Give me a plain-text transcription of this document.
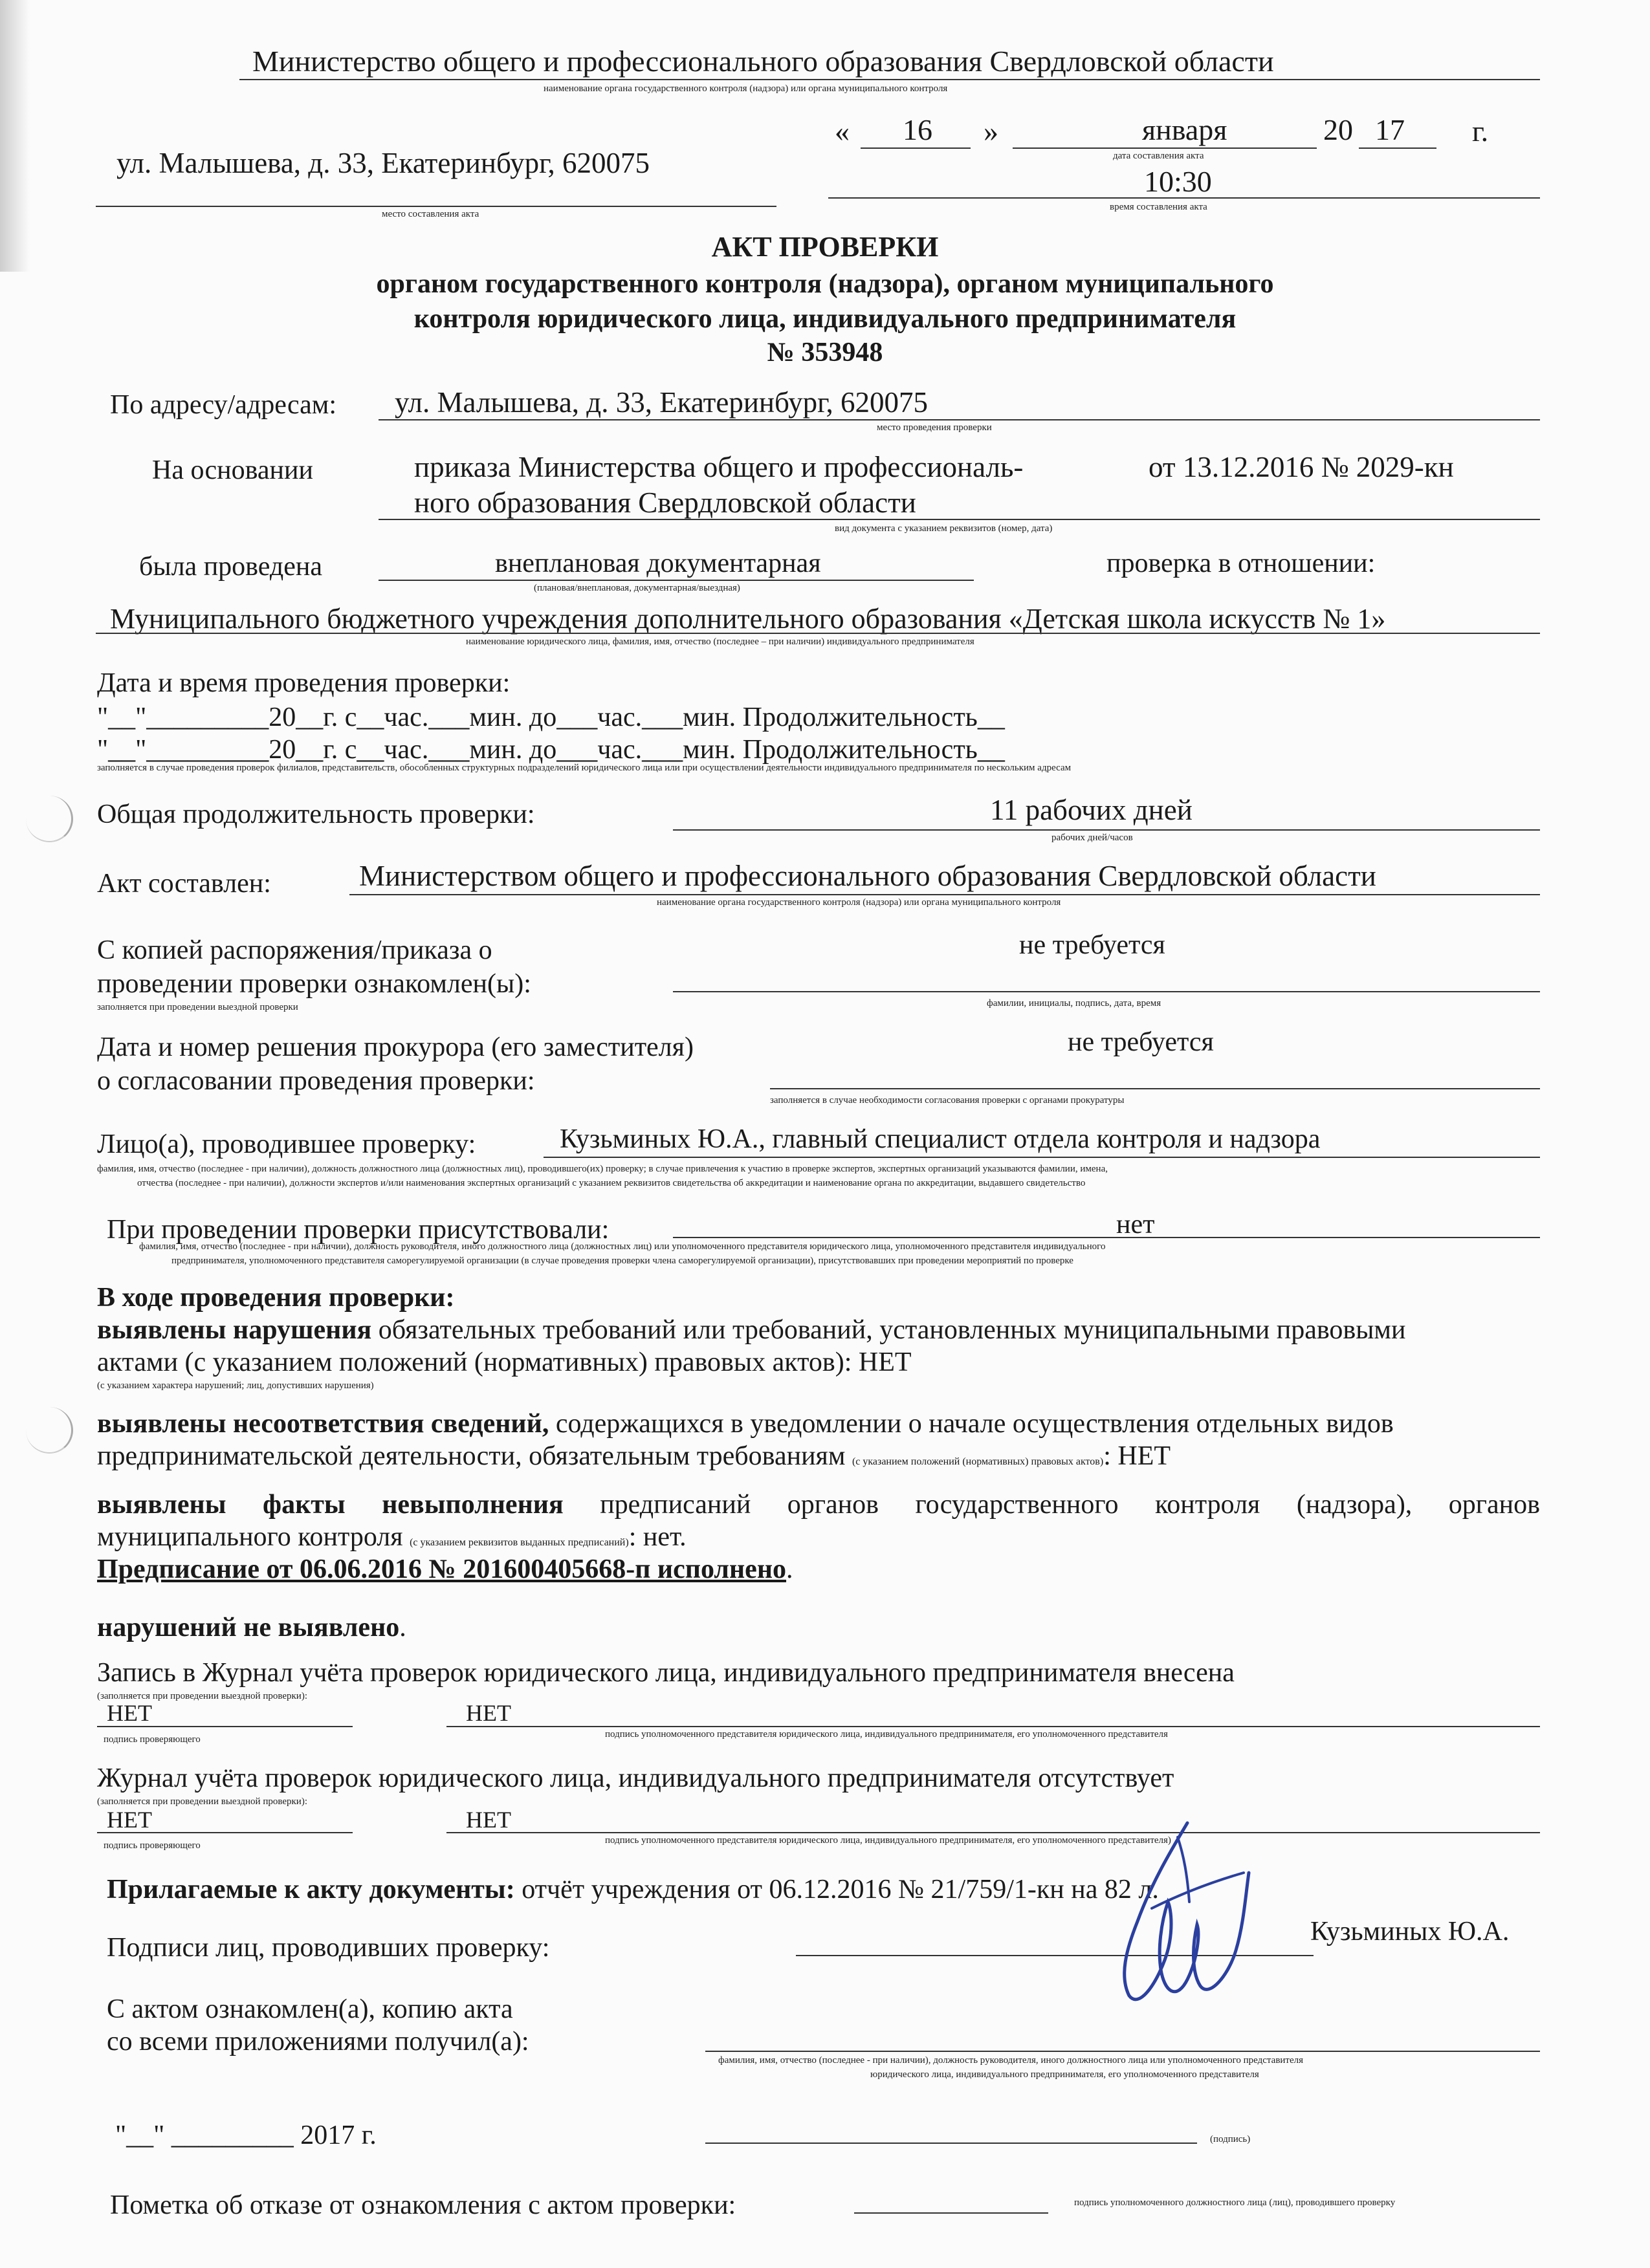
Министерство общего и профессионального образования Свердловской области
наименование органа государственного контроля (надзора) или органа муниципального контроля
ул. Малышева, д. 33, Екатеринбург, 620075
место составления акта
« 16 »	января	20 17 г.
дата составления акта
10:30
время составления акта
АКТ ПРОВЕРКИ
органом государственного контроля (надзора), органом муниципального
контроля юридического лица, индивидуального предпринимателя
№ 353948
По адресу/адресам: ул. Малышева, д. 33, Екатеринбург, 620075
место проведения проверки
На основании	приказа Министерства общего и профессиональ-	от 13.12.2016 № 2029-кн
ного образования Свердловской области
вид документа с указанием реквизитов (номер, дата)
была проведена	внеплановая документарная
(плановая/внеплановая, документарная/выездная)
проверка в отношении:
Муниципального бюджетного учреждения дополнительного образования «Детская школа искусств № 1»
наименование юридического лица, фамилия, имя, отчество (последнее – при наличии) индивидуального предпринимателя
Дата и время проведения проверки:
"__"_________20__г. с__час.___мин. до___час.___мин. Продолжительность__
"__"_________20__г. с__час.___мин. до___час.___мин. Продолжительность__
заполняется в случае проведения проверок филиалов, представительств, обособленных структурных подразделений юридического лица или при осуществлении деятельности индивидуального предпринимателя по нескольким адресам
Общая продолжительность проверки:	11 рабочих дней
рабочих дней/часов
Акт составлен:	Министерством общего и профессионального образования Свердловской области
наименование органа государственного контроля (надзора) или органа муниципального контроля
С копией распоряжения/приказа о
проведении проверки ознакомлен(ы):
не требуется
заполняется при проведении выездной проверки	фамилии, инициалы, подпись, дата, время
Дата и номер решения прокурора (его заместителя)
о согласовании проведения проверки:
не требуется
заполняется в случае необходимости согласования проверки с органами прокуратуры
Лицо(а), проводившее проверку:	Кузьминых Ю.А., главный специалист отдела контроля и надзора
фамилия, имя, отчество (последнее - при наличии), должность должностного лица (должностных лиц), проводившего(их) проверку; в случае привлечения к участию в проверке экспертов, экспертных организаций указываются фамилии, имена,
отчества (последнее - при наличии), должности экспертов и/или наименования экспертных организаций с указанием реквизитов свидетельства об аккредитации и наименование органа по аккредитации, выдавшего свидетельство
При проведении проверки присутствовали:	нет
фамилия, имя, отчество (последнее - при наличии), должность руководителя, иного должностного лица (должностных лиц) или уполномоченного представителя юридического лица, уполномоченного представителя индивидуального
предпринимателя, уполномоченного представителя саморегулируемой организации (в случае проведения проверки члена саморегулируемой организации), присутствовавших при проведении мероприятий по проверке
В ходе проведения проверки:
выявлены нарушения обязательных требований или требований, установленных муниципальными правовыми
актами (с указанием положений (нормативных) правовых актов): НЕТ
(с указанием характера нарушений; лиц, допустивших нарушения)
выявлены несоответствия сведений, содержащихся в уведомлении о начале осуществления отдельных видов
предпринимательской деятельности, обязательным требованиям (с указанием положений (нормативных) правовых актов): НЕТ
выявлены факты невыполнения предписаний органов государственного контроля (надзора), органов
муниципального контроля (с указанием реквизитов выданных предписаний): нет.
Предписание от 06.06.2016 № 201600405668-п исполнено.
нарушений не выявлено.
Запись в Журнал учёта проверок юридического лица, индивидуального предпринимателя внесена
(заполняется при проведении выездной проверки):
НЕТ	НЕТ
подпись проверяющего	подпись уполномоченного представителя юридического лица, индивидуального предпринимателя, его уполномоченного представителя
Журнал учёта проверок юридического лица, индивидуального предпринимателя отсутствует
(заполняется при проведении выездной проверки):
НЕТ	НЕТ
подпись проверяющего	подпись уполномоченного представителя юридического лица, индивидуального предпринимателя, его уполномоченного представителя)
Прилагаемые к акту документы: отчёт учреждения от 06.12.2016 № 21/759/1-кн на 82 л.
Подписи лиц, проводивших проверку:
Кузьминых Ю.А.
С актом ознакомлен(а), копию акта
со всеми приложениями получил(а):
фамилия, имя, отчество (последнее - при наличии), должность руководителя, иного должностного лица или уполномоченного представителя
юридического лица, индивидуального предпринимателя, его уполномоченного представителя
"__" _________ 2017 г.	(подпись)
Пометка об отказе от ознакомления с актом проверки:	подпись уполномоченного должностного лица (лиц), проводившего проверку
